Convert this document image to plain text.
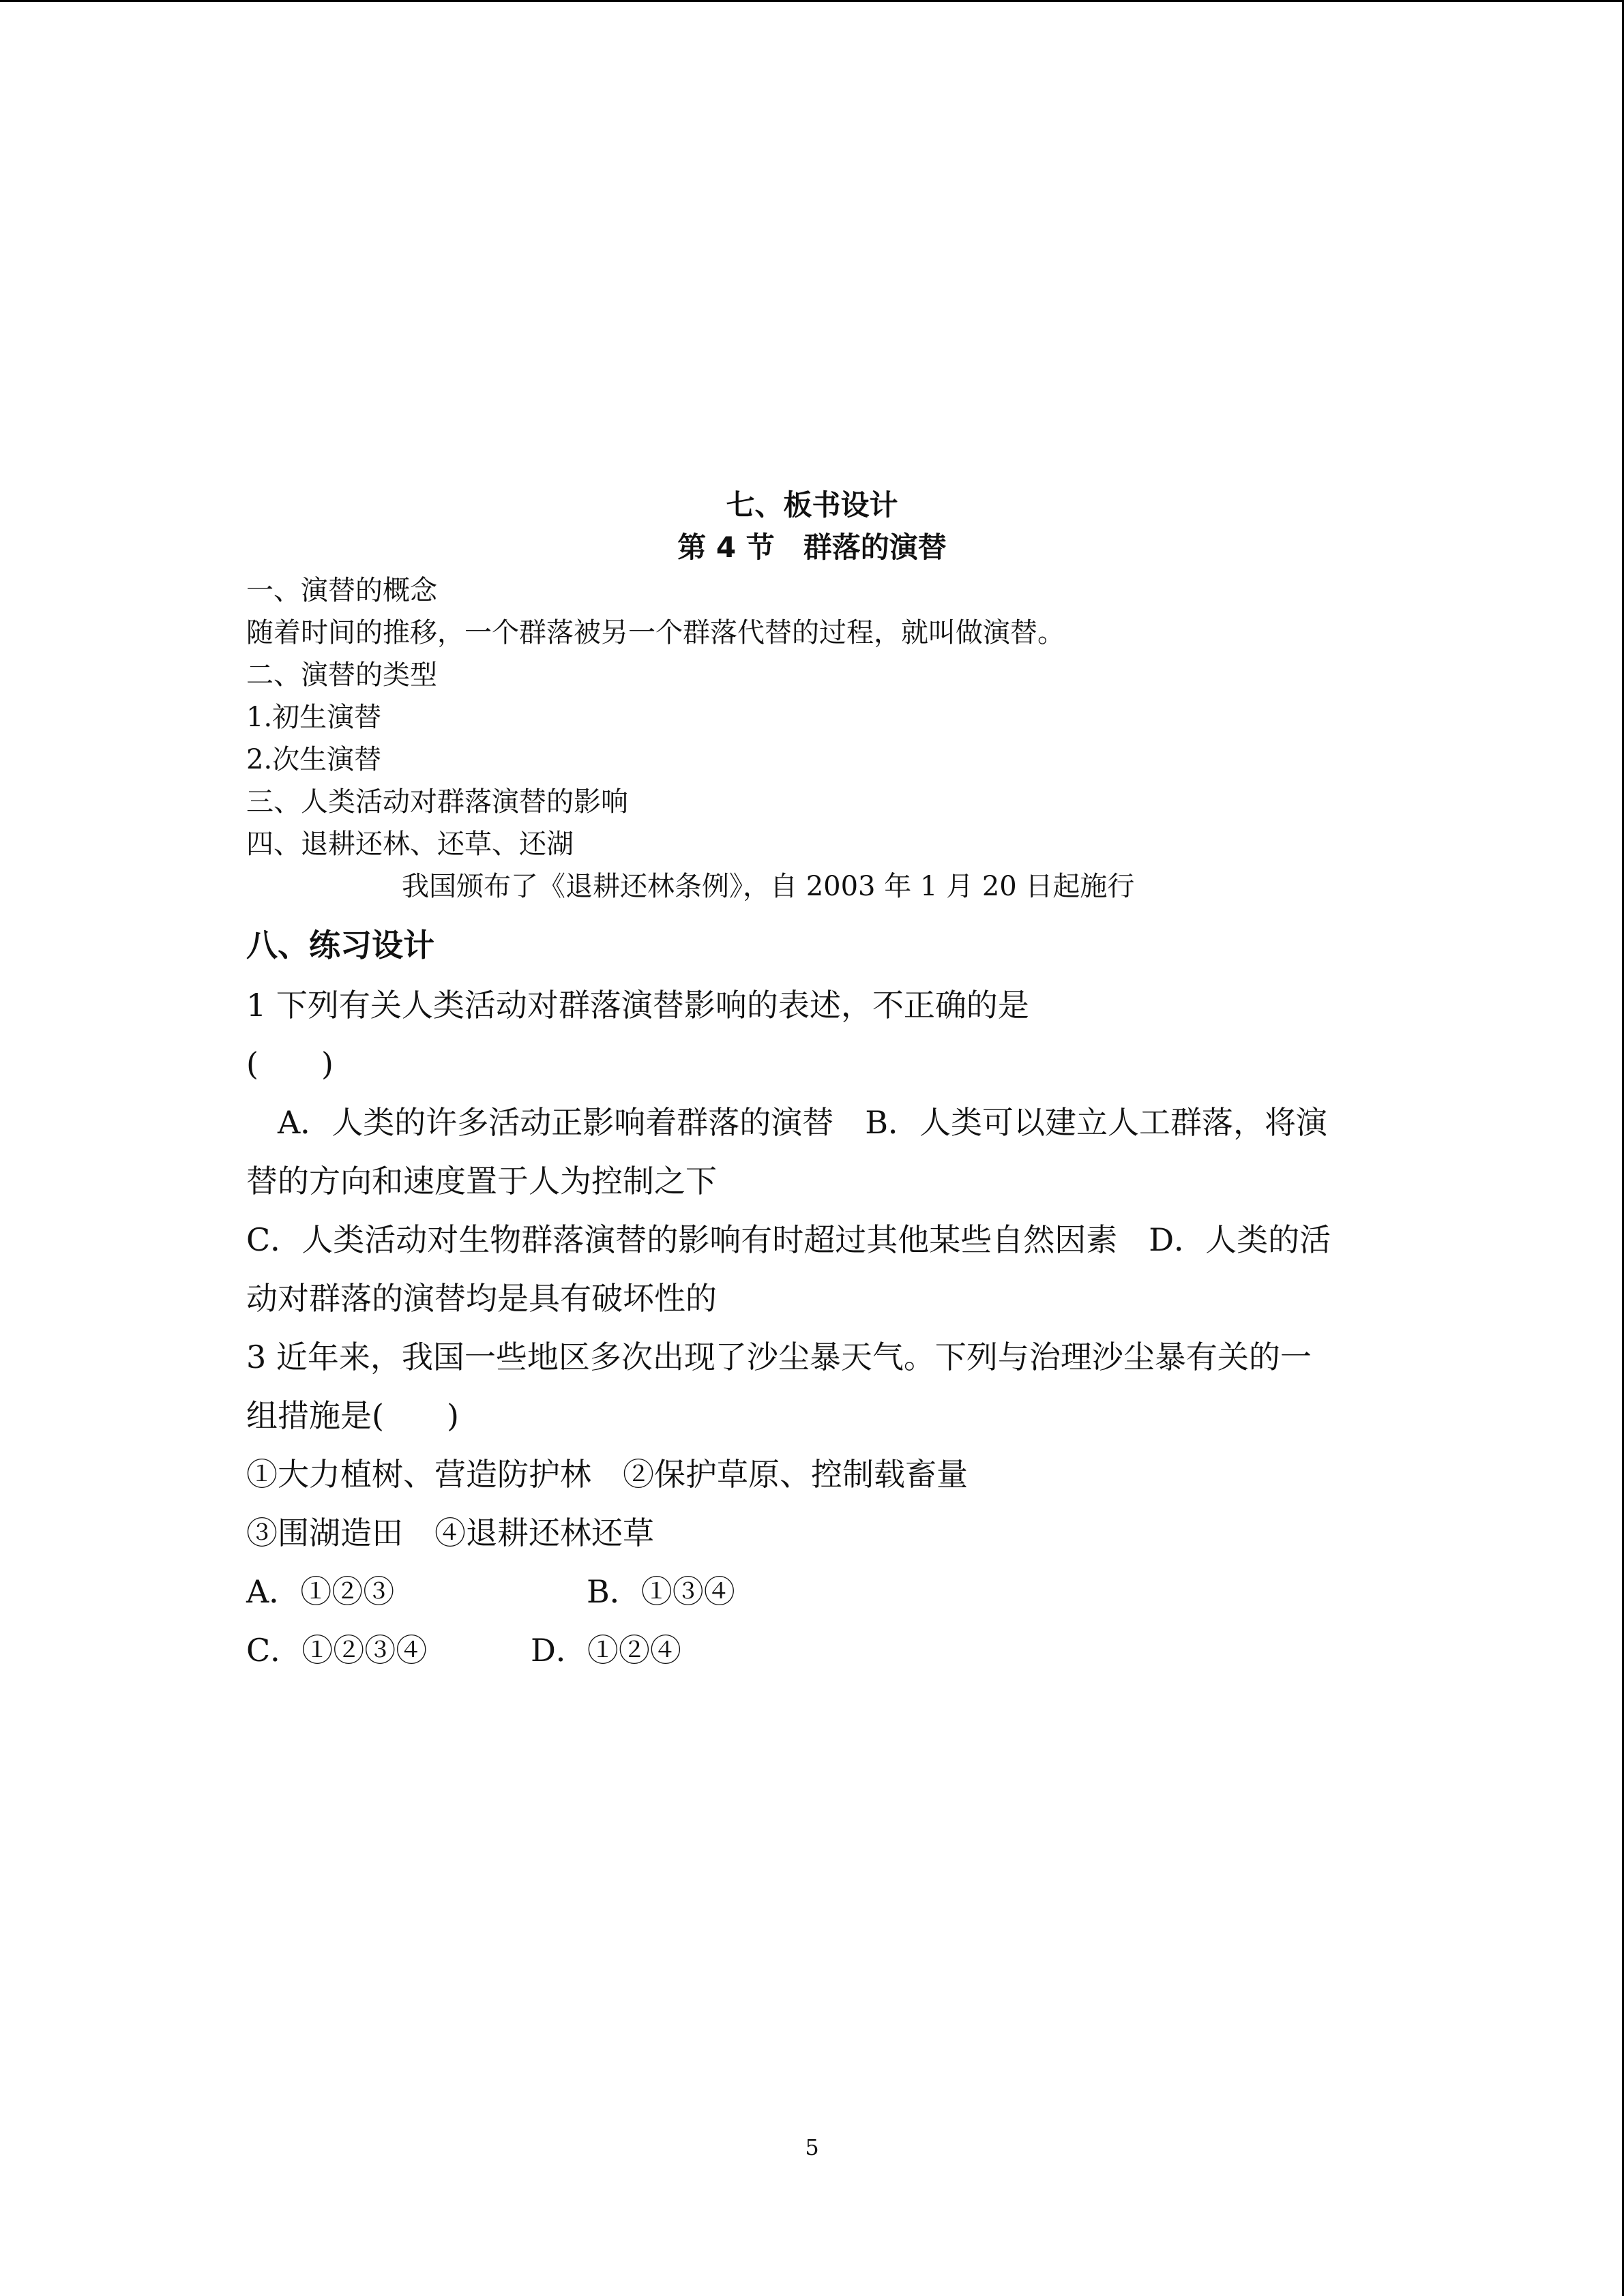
七、板书设计
第 4 节　群落的演替
一、演替的概念
随着时间的推移，一个群落被另一个群落代替的过程，就叫做演替。
二、演替的类型
1.初生演替
2.次生演替
三、人类活动对群落演替的影响
四、退耕还林、还草、还湖
我国颁布了《退耕还林条例》，自 2003 年 1 月 20 日起施行
八、练习设计
1 下列有关人类活动对群落演替影响的表述，不正确的是
(　　)
　A．人类的许多活动正影响着群落的演替　B．人类可以建立人工群落，将演
替的方向和速度置于人为控制之下
C．人类活动对生物群落演替的影响有时超过其他某些自然因素　D．人类的活
动对群落的演替均是具有破坏性的
3 近年来，我国一些地区多次出现了沙尘暴天气。下列与治理沙尘暴有关的一
组措施是(　　)
①大力植树、营造防护林　②保护草原、控制载畜量
③围湖造田　④退耕还林还草
A．①②③	B．①③④
C．①②③④	D．①②④
5
